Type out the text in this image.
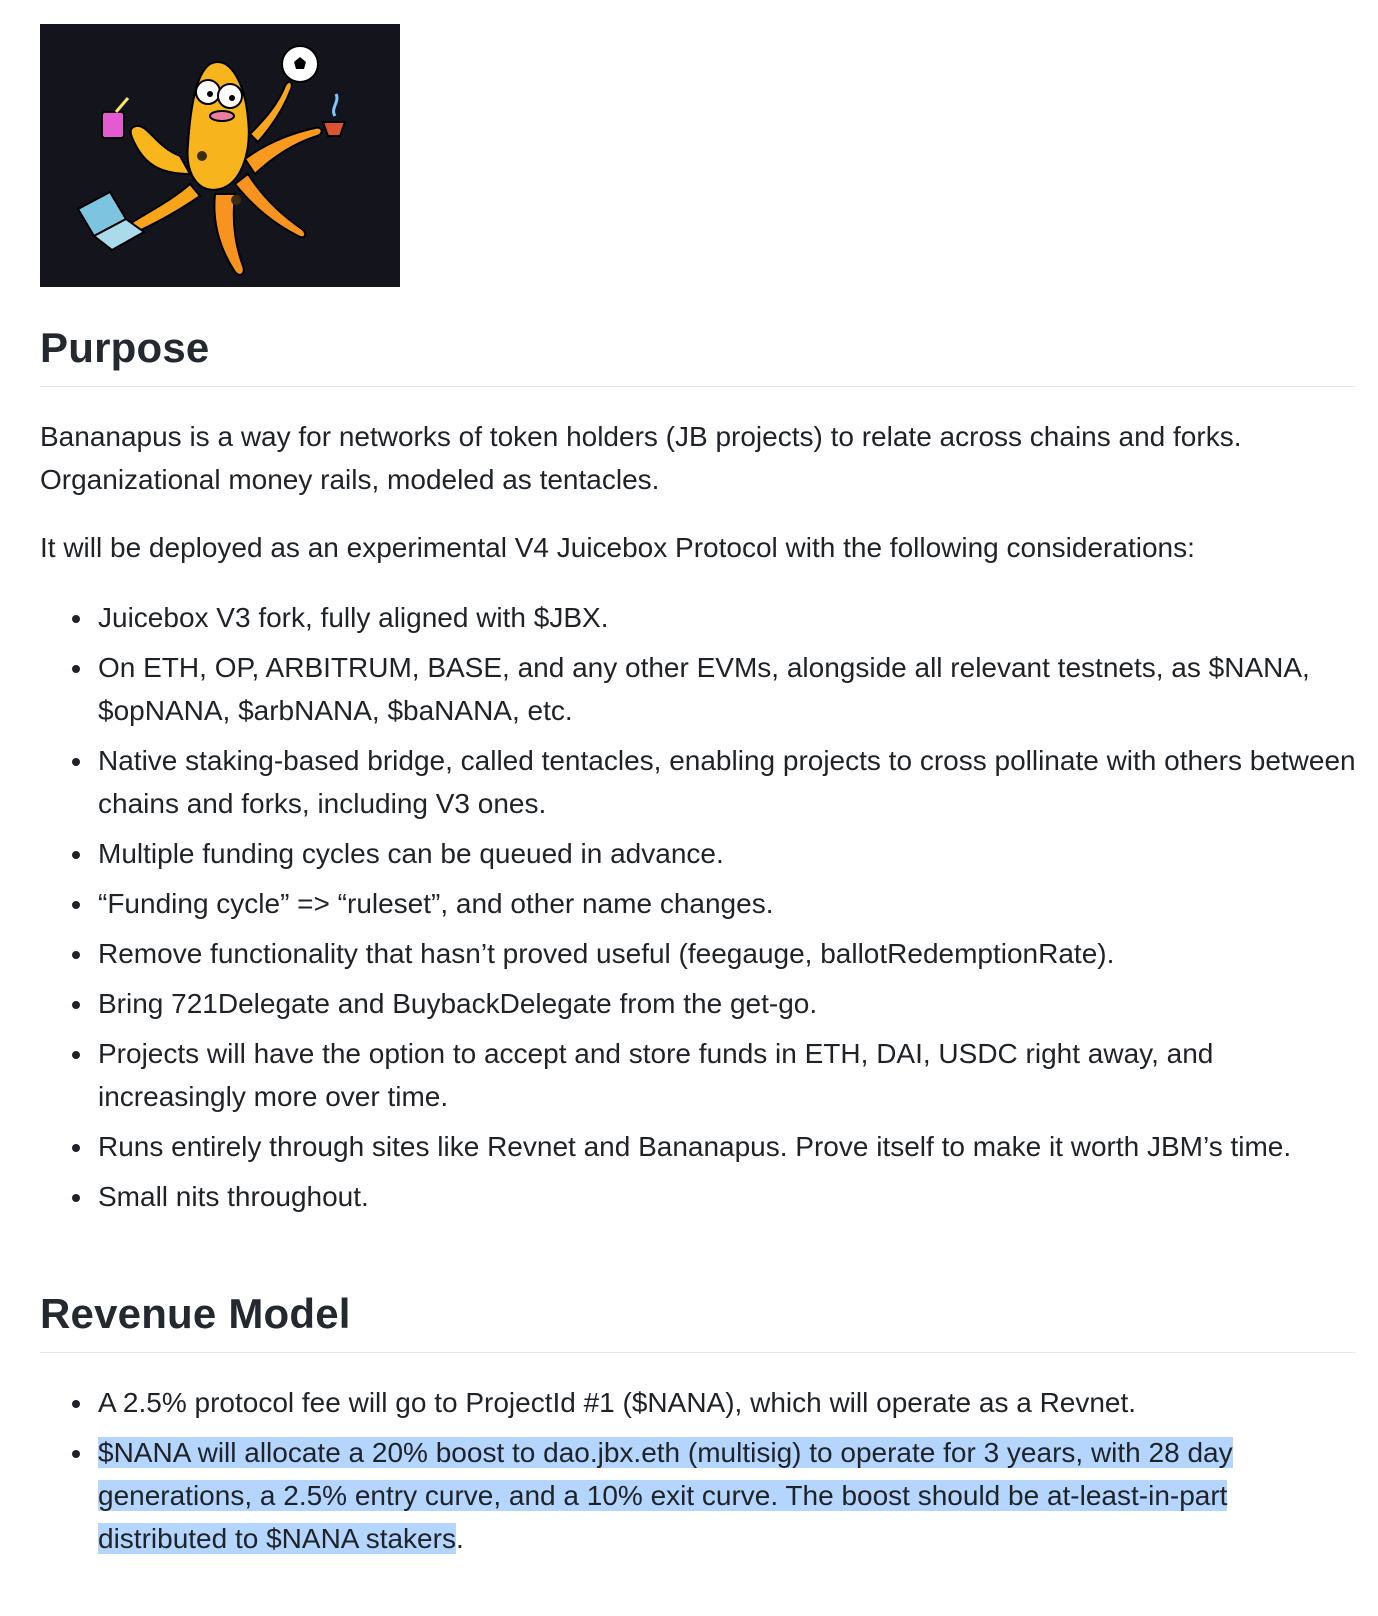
Purpose

Bananapus is a way for networks of token holders (JB projects) to relate across chains and forks. Organizational money rails, modeled as tentacles.

It will be deployed as an experimental V4 Juicebox Protocol with the following considerations:

Juicebox V3 fork, fully aligned with $JBX.
On ETH, OP, ARBITRUM, BASE, and any other EVMs, alongside all relevant testnets, as $NANA, $opNANA, $arbNANA, $baNANA, etc.
Native staking-based bridge, called tentacles, enabling projects to cross pollinate with others between chains and forks, including V3 ones.
Multiple funding cycles can be queued in advance.
“Funding cycle” => “ruleset”, and other name changes.
Remove functionality that hasn’t proved useful (feegauge, ballotRedemptionRate).
Bring 721Delegate and BuybackDelegate from the get-go.
Projects will have the option to accept and store funds in ETH, DAI, USDC right away, and increasingly more over time.
Runs entirely through sites like Revnet and Bananapus. Prove itself to make it worth JBM’s time.
Small nits throughout.
Revenue Model
A 2.5% protocol fee will go to ProjectId #1 ($NANA), which will operate as a Revnet.
$NANA will allocate a 20% boost to dao.jbx.eth (multisig) to operate for 3 years, with 28 day generations, a 2.5% entry curve, and a 10% exit curve. The boost should be at-least-in-part distributed to $NANA stakers.
